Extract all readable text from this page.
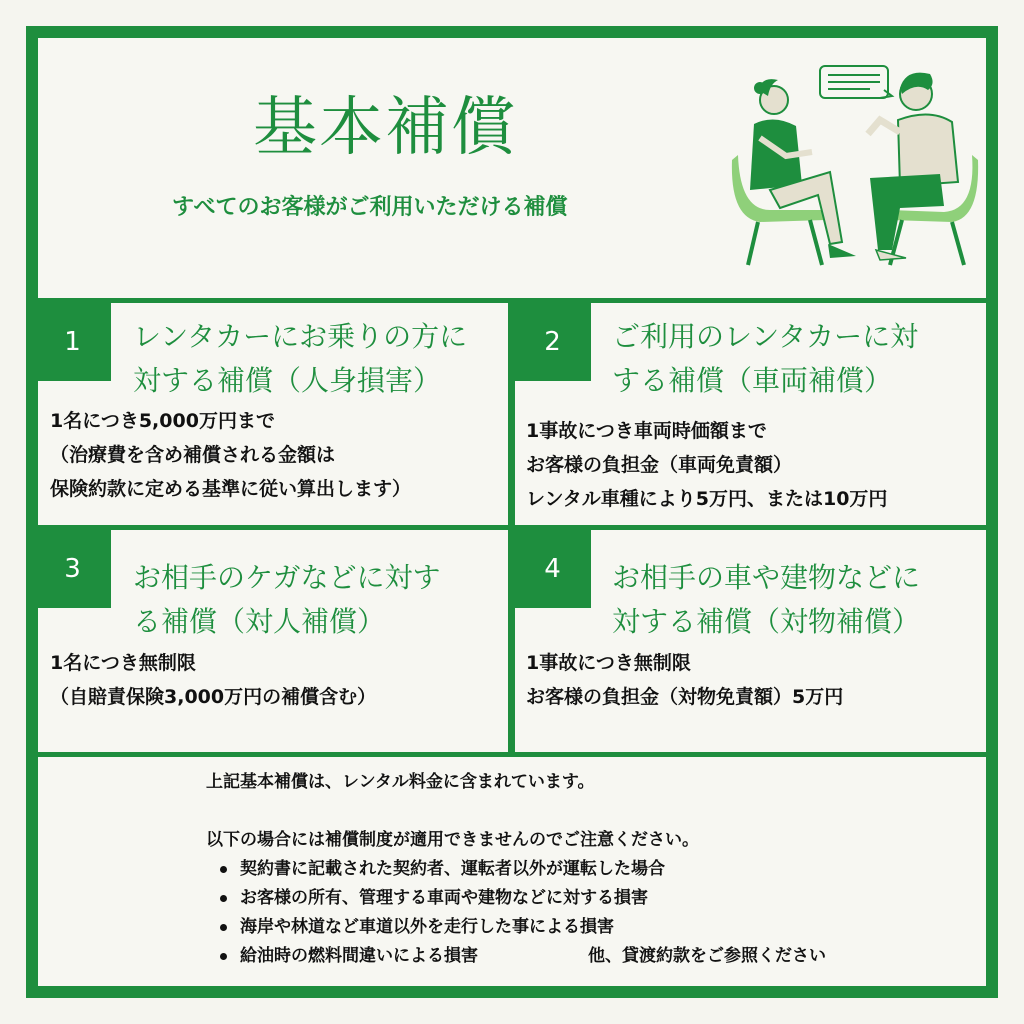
基本補償
すべてのお客様がご利用いただける補償
1	レンタカーにお乗りの方に
対する補償（人身損害）
1名につき5,000万円まで
（治療費を含め補償される金額は
保険約款に定める基準に従い算出します）
2	ご利用のレンタカーに対
する補償（車両補償）
1事故につき車両時価額まで
お客様の負担金（車両免責額）
レンタル車種により5万円、または10万円
3	お相手のケガなどに対す
る補償（対人補償）
1名につき無制限
（自賠責保険3,000万円の補償含む）
4	お相手の車や建物などに
対する補償（対物補償）
1事故につき無制限
お客様の負担金（対物免責額）5万円
上記基本補償は、レンタル料金に含まれています。
以下の場合には補償制度が適用できませんのでご注意ください。
契約書に記載された契約者、運転者以外が運転した場合
お客様の所有、管理する車両や建物などに対する損害
海岸や林道など車道以外を走行した事による損害
給油時の燃料間違いによる損害	他、貸渡約款をご参照ください
